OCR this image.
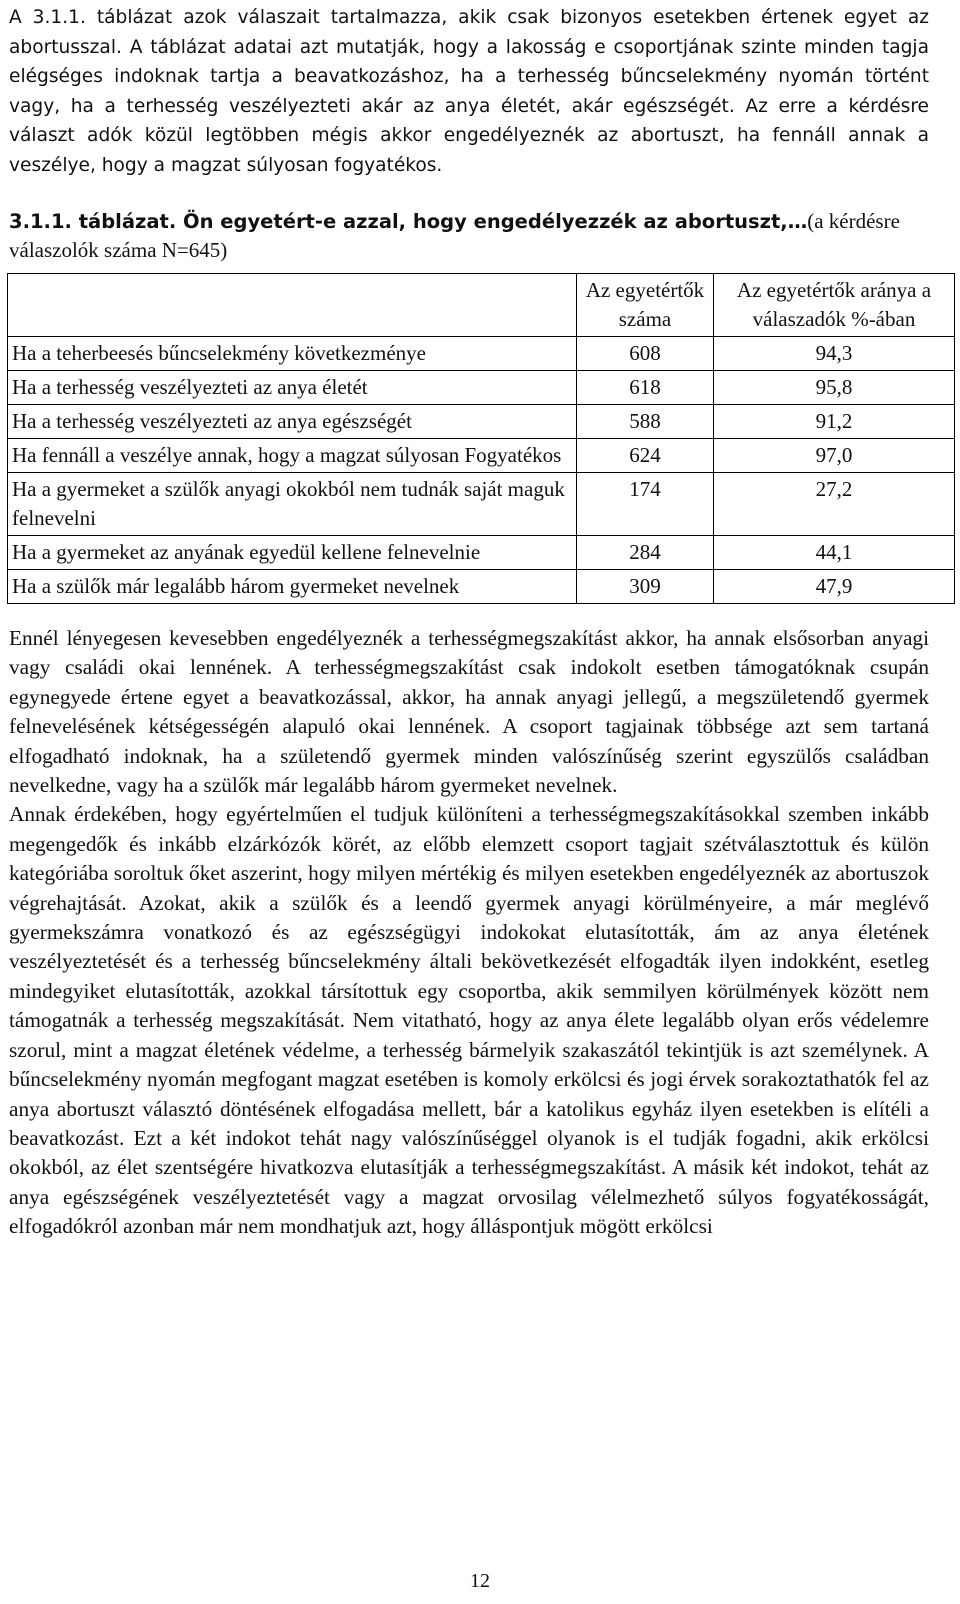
A 3.1.1. táblázat azok válaszait tartalmazza, akik csak bizonyos esetekben értenek egyet az abortusszal. A táblázat adatai azt mutatják, hogy a lakosság e csoportjának szinte minden tagja elégséges indoknak tartja a beavatkozáshoz, ha a terhesség bűncselekmény nyomán történt vagy, ha a terhesség veszélyezteti akár az anya életét, akár egészségét. Az erre a kérdésre választ adók közül legtöbben mégis akkor engedélyeznék az abortuszt, ha fennáll annak a veszélye, hogy a magzat súlyosan fogyatékos.

3.1.1. táblázat. Ön egyetért-e azzal, hogy engedélyezzék az abortuszt,…(a kérdésre válaszolók száma N=645)

	Az egyetértők száma	Az egyetértők aránya a válaszadók %-ában
Ha a teherbeesés bűncselekmény következménye	608	94,3
Ha a terhesség veszélyezteti az anya életét	618	95,8
Ha a terhesség veszélyezteti az anya egészségét	588	91,2
Ha fennáll a veszélye annak, hogy a magzat súlyosan Fogyatékos	624	97,0
Ha a gyermeket a szülők anyagi okokból nem tudnák saját maguk felnevelni	174	27,2
Ha a gyermeket az anyának egyedül kellene felnevelnie	284	44,1
Ha a szülők már legalább három gyermeket nevelnek	309	47,9

Ennél lényegesen kevesebben engedélyeznék a terhességmegszakítást akkor, ha annak elsősorban anyagi vagy családi okai lennének. A terhességmegszakítást csak indokolt esetben támogatóknak csupán egynegyede értene egyet a beavatkozással, akkor, ha annak anyagi jellegű, a megszületendő gyermek felnevelésének kétségességén alapuló okai lennének. A csoport tagjainak többsége azt sem tartaná elfogadható indoknak, ha a születendő gyermek minden valószínűség szerint egyszülős családban nevelkedne, vagy ha a szülők már legalább három gyermeket nevelnek.

Annak érdekében, hogy egyértelműen el tudjuk különíteni a terhességmegszakításokkal szemben inkább megengedők és inkább elzárkózók körét, az előbb elemzett csoport tagjait szétválasztottuk és külön kategóriába soroltuk őket aszerint, hogy milyen mértékig és milyen esetekben engedélyeznék az abortuszok végrehajtását. Azokat, akik a szülők és a leendő gyermek anyagi körülményeire, a már meglévő gyermekszámra vonatkozó és az egészségügyi indokokat elutasították, ám az anya életének veszélyeztetését és a terhesség bűncselekmény általi bekövetkezését elfogadták ilyen indokként, esetleg mindegyiket elutasították, azokkal társítottuk egy csoportba, akik semmilyen körülmények között nem támogatnák a terhesség megszakítását. Nem vitatható, hogy az anya élete legalább olyan erős védelemre szorul, mint a magzat életének védelme, a terhesség bármelyik szakaszától tekintjük is azt személynek. A bűncselekmény nyomán megfogant magzat esetében is komoly erkölcsi és jogi érvek sorakoztathatók fel az anya abortuszt választó döntésének elfogadása mellett, bár a katolikus egyház ilyen esetekben is elítéli a beavatkozást. Ezt a két indokot tehát nagy valószínűséggel olyanok is el tudják fogadni, akik erkölcsi okokból, az élet szentségére hivatkozva elutasítják a terhességmegszakítást. A másik két indokot, tehát az anya egészségének veszélyeztetését vagy a magzat orvosilag vélelmezhető súlyos fogyatékosságát, elfogadókról azonban már nem mondhatjuk azt, hogy álláspontjuk mögött erkölcsi

12
